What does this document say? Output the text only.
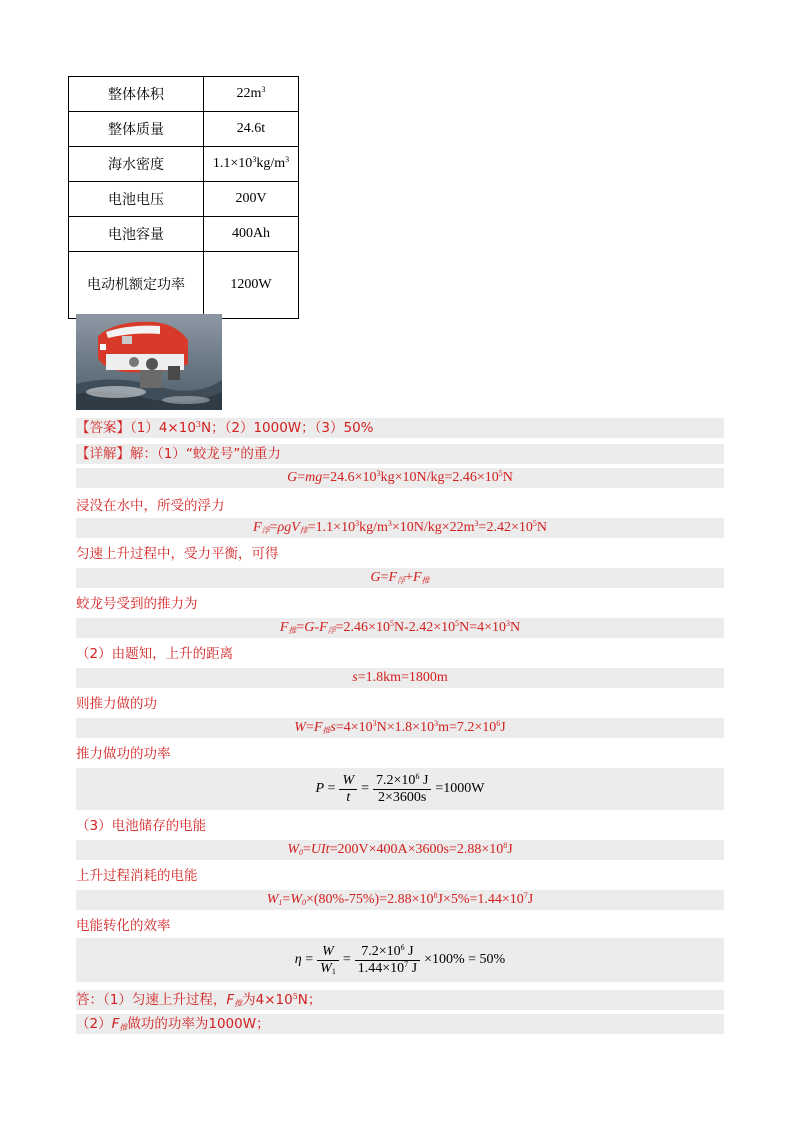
整体体积	$22m^3$
整体质量	24.6t
海水密度	$1.1\times 10^3kg/m^3$
电池电压	200V
电池容量	400Ah
电动机额定功率	1200W
【答案】$(1)4\times 10^3N$；（2）1000W；（3）50%
【详解】解：（1）“蛟龙号”的重力
$G=mg=24.6\times 10^3kg\times 10N/kg=2.46\times 10^5N$
浸没在水中，所受的浮力
$F_浮=\rho gV_排=1.1\times 10^3kg/m^3\times 10N/kg\times 22m^3=2.42\times 10^5N$
匀速上升过程中，受力平衡，可得
$G=F_浮+F_推$
蛟龙号受到的推力为
$F_推=G-F_浮=2.46\times 10^5N-2.42\times 10^5N=4\times 10^3N$
（2）由题知，上升的距离
s=1.8km=1800m
则推力做的功
$W=F_推s=4\times 10^3N\times 1.8\times 10^3m=7.2\times 10^6J$
推力做功的功率
$P = \frac{W}{t} = \frac{7.2\times 10^6 J}{2\times 3600s} =1000W$
（3）电池储存的电能
$W_0=UIt=200V\times 400A\times 3600s=2.88\times 10^8J$
上升过程消耗的电能
$W_1=W_0\times(80\%-75\%)=2.88\times 10^8J\times 5\%=1.44\times 10^7J$
电能转化的效率
$\eta = \frac{W}{W_1} = \frac{7.2\times 10^6 J}{1.44\times 10^7 J} \times 100\% = 50\%$
答：（1）匀速上升过程，$F_推$为$4\times 10^5N$；
$(2)F_推$做功的功率为1000W；
